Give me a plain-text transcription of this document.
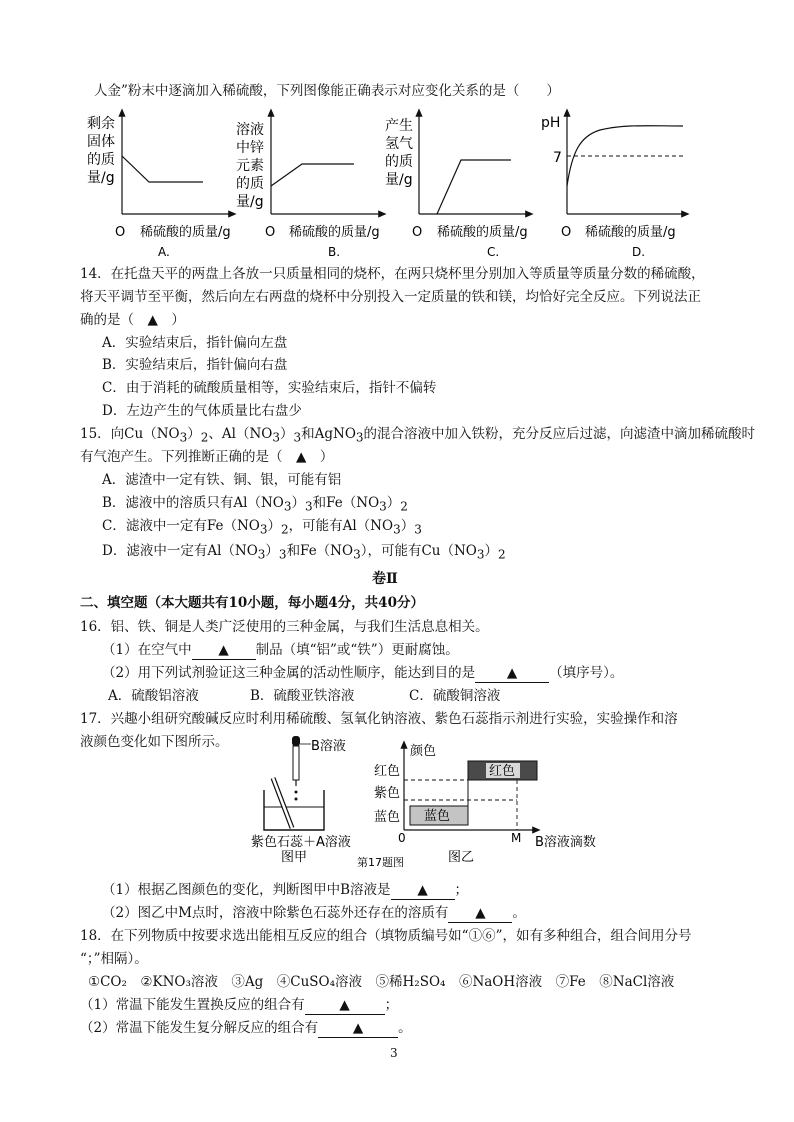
人金”粉末中逐滴加入稀硫酸，下列图像能正确表示对应变化关系的是（　　）
剩余
固体
的质
量/g
O 稀硫酸的质量/g
A.
溶液
中锌
元素
的质
量/g
O 稀硫酸的质量/g
B.
产生
氢气
的质
量/g
O 稀硫酸的质量/g
C.
pH
7
O 稀硫酸的质量/g
D.
14．在托盘天平的两盘上各放一只质量相同的烧杯，在两只烧杯里分别加入等质量等质量分数的稀硫酸，
将天平调节至平衡，然后向左右两盘的烧杯中分别投入一定质量的铁和镁，均恰好完全反应。下列说法正
确的是（　▲　）
A．实验结束后，指针偏向左盘
B．实验结束后，指针偏向右盘
C．由于消耗的硫酸质量相等，实验结束后，指针不偏转
D．左边产生的气体质量比右盘少
15．向$Cu(NO_3)_2$、$Al(NO_3)_3$和AgNO$_3$的混合溶液中加入铁粉，充分反应后过滤，向滤渣中滴加稀硫酸时
有气泡产生。下列推断正确的是（　▲　）
A．滤渣中一定有铁、铜、银，可能有铝
B．滤液中的溶质只有$Al(NO_3)_3$和$Fe(NO_3)_2$
C．滤液中一定有$Fe(NO_3)_2$，可能有$Al(NO_3)_3$
D．滤液中一定有$Al(NO_3)_3$和$Fe(NO_3)$，可能有$Cu(NO_3)_2$
卷Ⅱ
二、填空题（本大题共有10小题，每小题4分，共40分）
16．铝、铁、铜是人类广泛使用的三种金属，与我们生活息息相关。
（1）在空气中 ▲ 制品（填“铝”或“铁”）更耐腐蚀。
（2）用下列试剂验证这三种金属的活动性顺序，能达到目的是 ▲ （填序号）。
A．硫酸铝溶液	B．硫酸亚铁溶液	C．硫酸铜溶液
17．兴趣小组研究酸碱反应时利用稀硫酸、氢氧化钠溶液、紫色石蕊指示剂进行实验，实验操作和溶
液颜色变化如下图所示。	B溶液
紫色石蕊＋A溶液
图甲
颜色
红色
紫色
蓝色 蓝色
红色
0	M B溶液滴数
图乙
第17题图
（1）根据乙图颜色的变化，判断图甲中B溶液是 ▲ ；
（2）图乙中M点时，溶液中除紫色石蕊外还存在的溶质有 ▲ 。
18．在下列物质中按要求选出能相互反应的组合（填物质编号如“①⑥”，如有多种组合，组合间用分号
“；”相隔）。
①CO₂　②KNO₃溶液　③Ag　④CuSO₄溶液　⑤稀H₂SO₄　⑥NaOH溶液　⑦Fe　⑧NaCl溶液
（1）常温下能发生置换反应的组合有	▲	；
（2）常温下能发生复分解反应的组合有	▲	。
3
